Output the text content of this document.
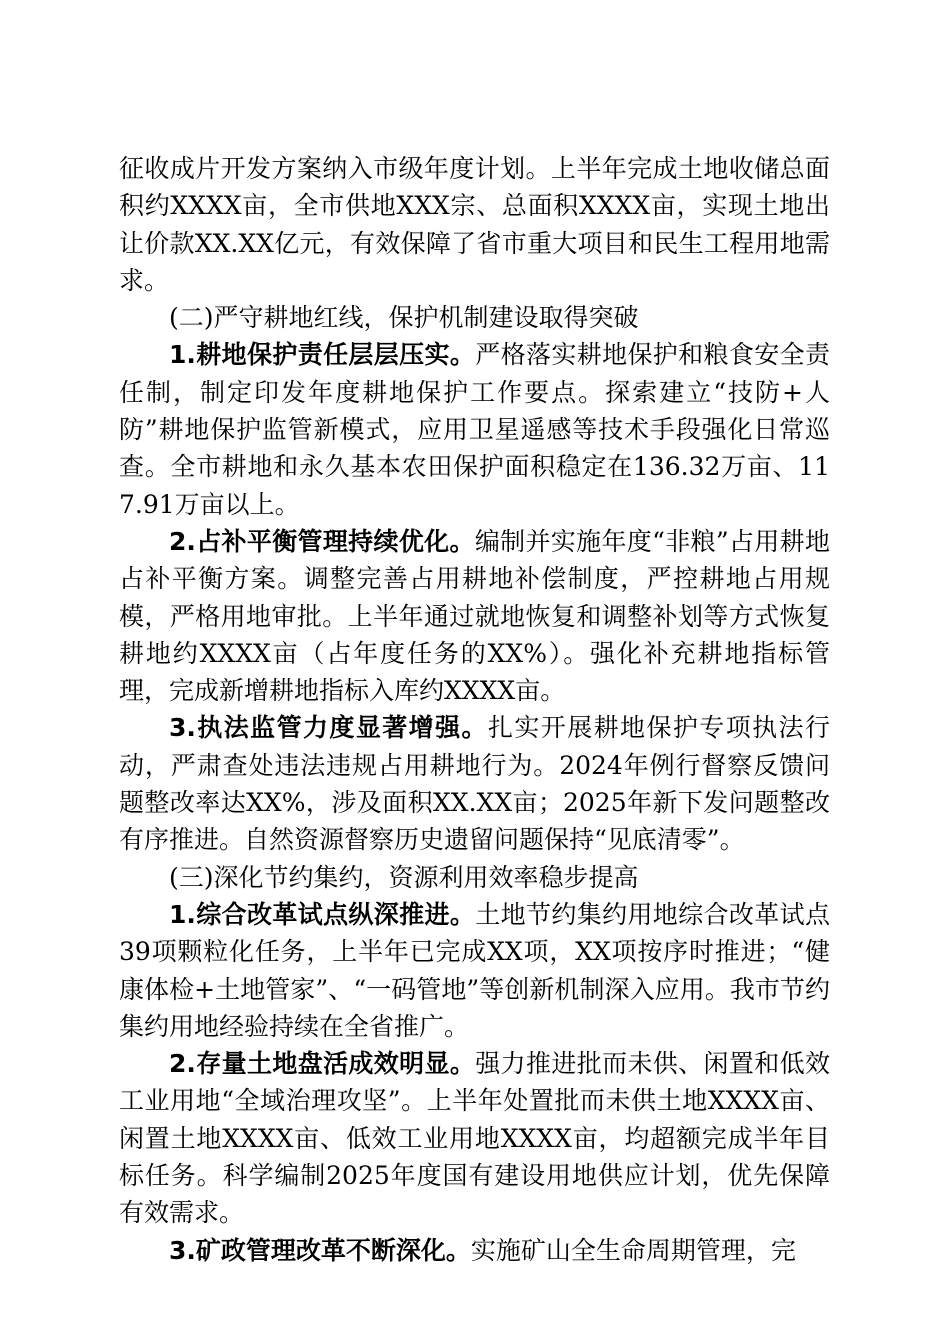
征收成片开发方案纳入市级年度计划。上半年完成土地收储总面积约XXXX亩，全市供地XXX宗、总面积XXXX亩，实现土地出让价款XX.XX亿元，有效保障了省市重大项目和民生工程用地需求。

(二)严守耕地红线，保护机制建设取得突破

1.耕地保护责任层层压实。严格落实耕地保护和粮食安全责任制，制定印发年度耕地保护工作要点。探索建立“技防+人防”耕地保护监管新模式，应用卫星遥感等技术手段强化日常巡查。全市耕地和永久基本农田保护面积稳定在136.32万亩、117.91万亩以上。

2.占补平衡管理持续优化。编制并实施年度“非粮”占用耕地占补平衡方案。调整完善占用耕地补偿制度，严控耕地占用规模，严格用地审批。上半年通过就地恢复和调整补划等方式恢复耕地约XXXX亩（占年度任务的XX%）。强化补充耕地指标管理，完成新增耕地指标入库约XXXX亩。

3.执法监管力度显著增强。扎实开展耕地保护专项执法行动，严肃查处违法违规占用耕地行为。2024年例行督察反馈问题整改率达XX%，涉及面积XX.XX亩；2025年新下发问题整改有序推进。自然资源督察历史遗留问题保持“见底清零”。

(三)深化节约集约，资源利用效率稳步提高

1.综合改革试点纵深推进。土地节约集约用地综合改革试点39项颗粒化任务，上半年已完成XX项，XX项按序时推进；“健康体检+土地管家”、“一码管地”等创新机制深入应用。我市节约集约用地经验持续在全省推广。

2.存量土地盘活成效明显。强力推进批而未供、闲置和低效工业用地“全域治理攻坚”。上半年处置批而未供土地XXXX亩、闲置土地XXXX亩、低效工业用地XXXX亩，均超额完成半年目标任务。科学编制2025年度国有建设用地供应计划，优先保障有效需求。

3.矿政管理改革不断深化。实施矿山全生命周期管理，完
